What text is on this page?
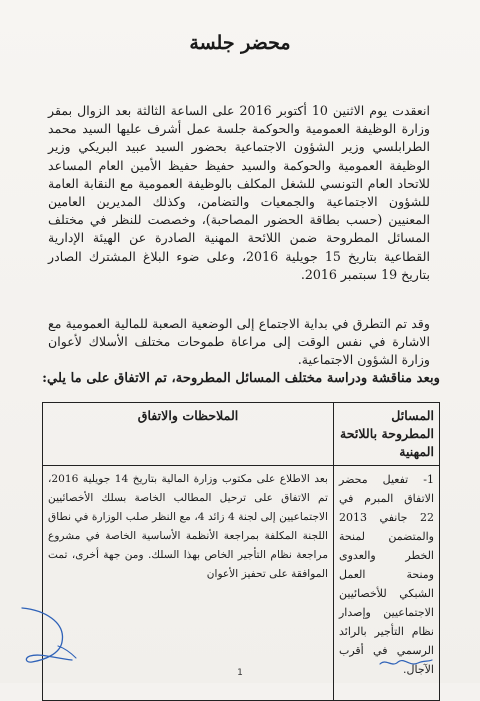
محضر جلسة
انعقدت يوم الاثنين 10 أكتوبر 2016 على الساعة الثالثة بعد الزوال بمقر وزارة الوظيفة العمومية والحوكمة جلسة عمل أشرف عليها السيد محمد الطرابلسي وزير الشؤون الاجتماعية بحضور السيد عبيد البريكي وزير الوظيفة العمومية والحوكمة والسيد حفيظ حفيظ الأمين العام المساعد للاتحاد العام التونسي للشغل المكلف بالوظيفة العمومية مع النقابة العامة للشؤون الاجتماعية والجمعيات والتضامن، وكذلك المديرين العامين المعنيين (حسب بطاقة الحضور المصاحبة)، وخصصت للنظر في مختلف المسائل المطروحة ضمن اللائحة المهنية الصادرة عن الهيئة الإدارية القطاعية بتاريخ 15 جويلية 2016، وعلى ضوء البلاغ المشترك الصادر بتاريخ 19 سبتمبر 2016.
وقد تم التطرق في بداية الاجتماع إلى الوضعية الصعبة للمالية العمومية مع الاشارة في نفس الوقت إلى مراعاة طموحات مختلف الأسلاك لأعوان وزارة الشؤون الاجتماعية.
وبعد مناقشة ودراسة مختلف المسائل المطروحة، تم الاتفاق على ما يلي:
المسائل المطروحة باللائحة المهنية	الملاحظات والاتفاق
1- تفعيل محضر الاتفاق المبرم في 22 جانفي 2013 والمتضمن لمنحة الخطر والعدوى ومنحة العمل الشبكي للأخصائيين الاجتماعيين وإصدار نظام التأجير بالرائد الرسمي في أقرب الآجال.	بعد الاطلاع على مكتوب وزارة المالية بتاريخ 14 جويلية 2016، تم الاتفاق على ترحيل المطالب الخاصة بسلك الأخصائيين الاجتماعيين إلى لجنة 4 زائد 4، مع النظر صلب الوزارة في نطاق اللجنة المكلفة بمراجعة الأنظمة الأساسية الخاصة في مشروع مراجعة نظام التأجير الخاص بهذا السلك. ومن جهة أخرى، تمت الموافقة على تحفيز الأعوان
1
